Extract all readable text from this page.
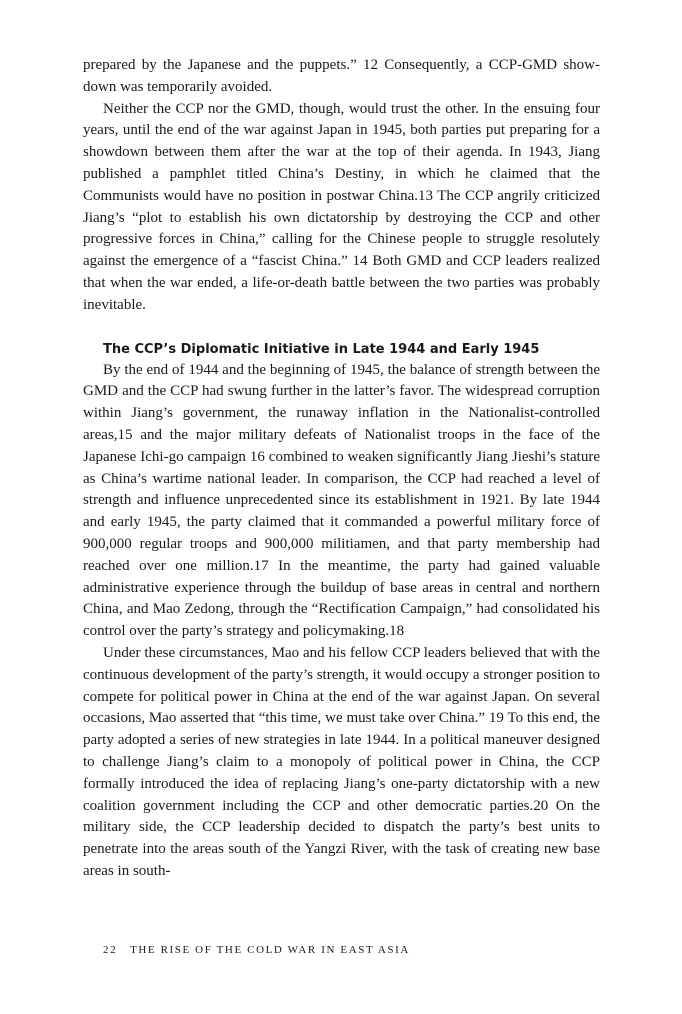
prepared by the Japanese and the puppets.” 12 Consequently, a CCP-GMD showdown was temporarily avoided.

Neither the CCP nor the GMD, though, would trust the other. In the ensuing four years, until the end of the war against Japan in 1945, both parties put preparing for a showdown between them after the war at the top of their agenda. In 1943, Jiang published a pamphlet titled China’s Destiny, in which he claimed that the Communists would have no position in postwar China.13 The CCP angrily criticized Jiang’s “plot to establish his own dictatorship by destroying the CCP and other progressive forces in China,” calling for the Chinese people to struggle resolutely against the emergence of a “fascist China.” 14 Both GMD and CCP leaders realized that when the war ended, a life-or-death battle between the two parties was probably inevitable.

The CCP’s Diplomatic Initiative in Late 1944 and Early 1945

By the end of 1944 and the beginning of 1945, the balance of strength between the GMD and the CCP had swung further in the latter’s favor. The widespread corruption within Jiang’s government, the runaway inflation in the Nationalist-controlled areas,15 and the major military defeats of Nationalist troops in the face of the Japanese Ichi-go campaign 16 combined to weaken significantly Jiang Jieshi’s stature as China’s wartime national leader. In comparison, the CCP had reached a level of strength and influence unprecedented since its establishment in 1921. By late 1944 and early 1945, the party claimed that it commanded a powerful military force of 900,000 regular troops and 900,000 militiamen, and that party membership had reached over one million.17 In the meantime, the party had gained valuable administrative experience through the buildup of base areas in central and northern China, and Mao Zedong, through the “Rectification Campaign,” had consolidated his control over the party’s strategy and policymaking.18

Under these circumstances, Mao and his fellow CCP leaders believed that with the continuous development of the party’s strength, it would occupy a stronger position to compete for political power in China at the end of the war against Japan. On several occasions, Mao asserted that “this time, we must take over China.” 19 To this end, the party adopted a series of new strategies in late 1944. In a political maneuver designed to challenge Jiang’s claim to a monopoly of political power in China, the CCP formally introduced the idea of replacing Jiang’s one-party dictatorship with a new coalition government including the CCP and other democratic parties.20 On the military side, the CCP leadership decided to dispatch the party’s best units to penetrate into the areas south of the Yangzi River, with the task of creating new base areas in south-

22 THE RISE OF THE COLD WAR IN EAST ASIA
